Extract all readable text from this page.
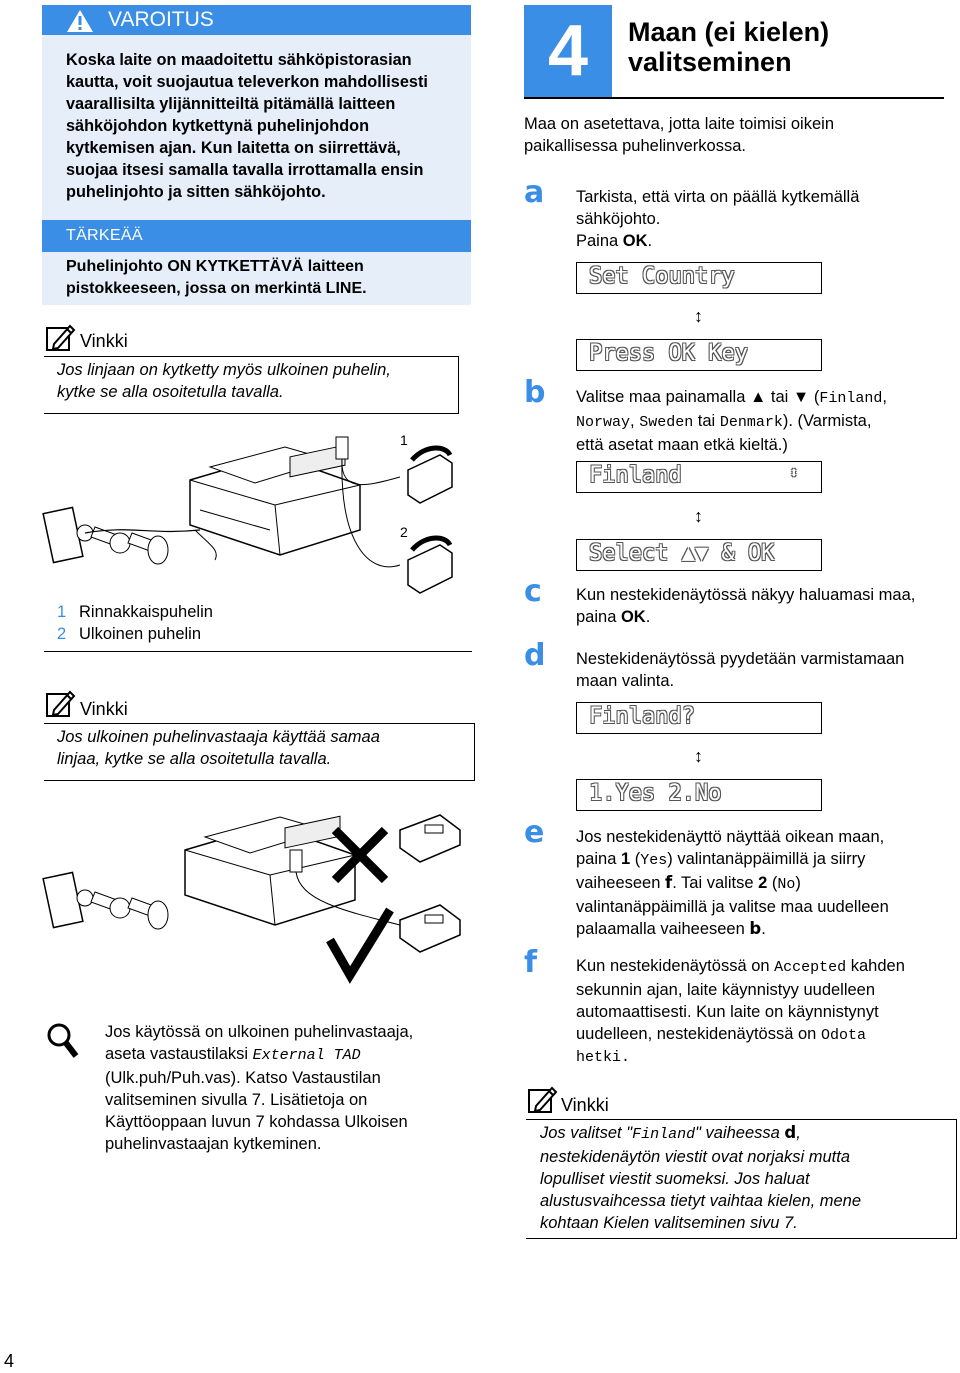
VAROITUS
Koska laite on maadoitettu sähköpistorasian
kautta, voit suojautua televerkon mahdollisesti
vaarallisilta ylijännitteiltä pitämällä laitteen
sähköjohdon kytkettynä puhelinjohdon
kytkemisen ajan. Kun laitetta on siirrettävä,
suojaa itsesi samalla tavalla irrottamalla ensin
puhelinjohto ja sitten sähköjohto.
TÄRKEÄÄ
Puhelinjohto ON KYTKETTÄVÄ laitteen
pistokkeeseen, jossa on merkintä LINE.
Vinkki
Jos linjaan on kytketty myös ulkoinen puhelin,
kytke se alla osoitetulla tavalla.
1
2
1 Rinnakkaispuhelin
2 Ulkoinen puhelin
Vinkki
Jos ulkoinen puhelinvastaaja käyttää samaa
linjaa, kytke se alla osoitetulla tavalla.
Jos käytössä on ulkoinen puhelinvastaaja,
aseta vastaustilaksi External TAD
(Ulk.puh/Puh.vas). Katso Vastaustilan
valitseminen sivulla 7. Lisätietoja on
Käyttöoppaan luvun 7 kohdassa Ulkoisen
puhelinvastaajan kytkeminen.
4
4	Maan (ei kielen)
valitseminen
Maa on asetettava, jotta laite toimisi oikein
paikallisessa puhelinverkossa.
a Tarkista, että virta on päällä kytkemällä
sähköjohto.
Paina OK.
Set Country
↕
Press OK Key
b Valitse maa painamalla ▲ tai ▼ (Finland,
Norway, Sweden tai Denmark). (Varmista,
että asetat maan etkä kieltä.)
Finland	⬍
↕
Select ▲▼ & OK
c Kun nestekidenäytössä näkyy haluamasi maa,
paina OK.
d Nestekidenäytössä pyydetään varmistamaan
maan valinta.
Finland?
↕
1.Yes 2.No
e Jos nestekidenäyttö näyttää oikean maan,
paina 1 (Yes) valintanäppäimillä ja siirry
vaiheeseen f. Tai valitse 2 (No)
valintanäppäimillä ja valitse maa uudelleen
palaamalla vaiheeseen b.
f Kun nestekidenäytössä on Accepted kahden
sekunnin ajan, laite käynnistyy uudelleen
automaattisesti. Kun laite on käynnistynyt
uudelleen, nestekidenäytössä on Odota
hetki.
Vinkki
Jos valitset "Finland" vaiheessa d,
nestekidenäytön viestit ovat norjaksi mutta
lopulliset viestit suomeksi. Jos haluat
alustusvaihcessa tietyt vaihtaa kielen, mene
kohtaan Kielen valitseminen sivu 7.
